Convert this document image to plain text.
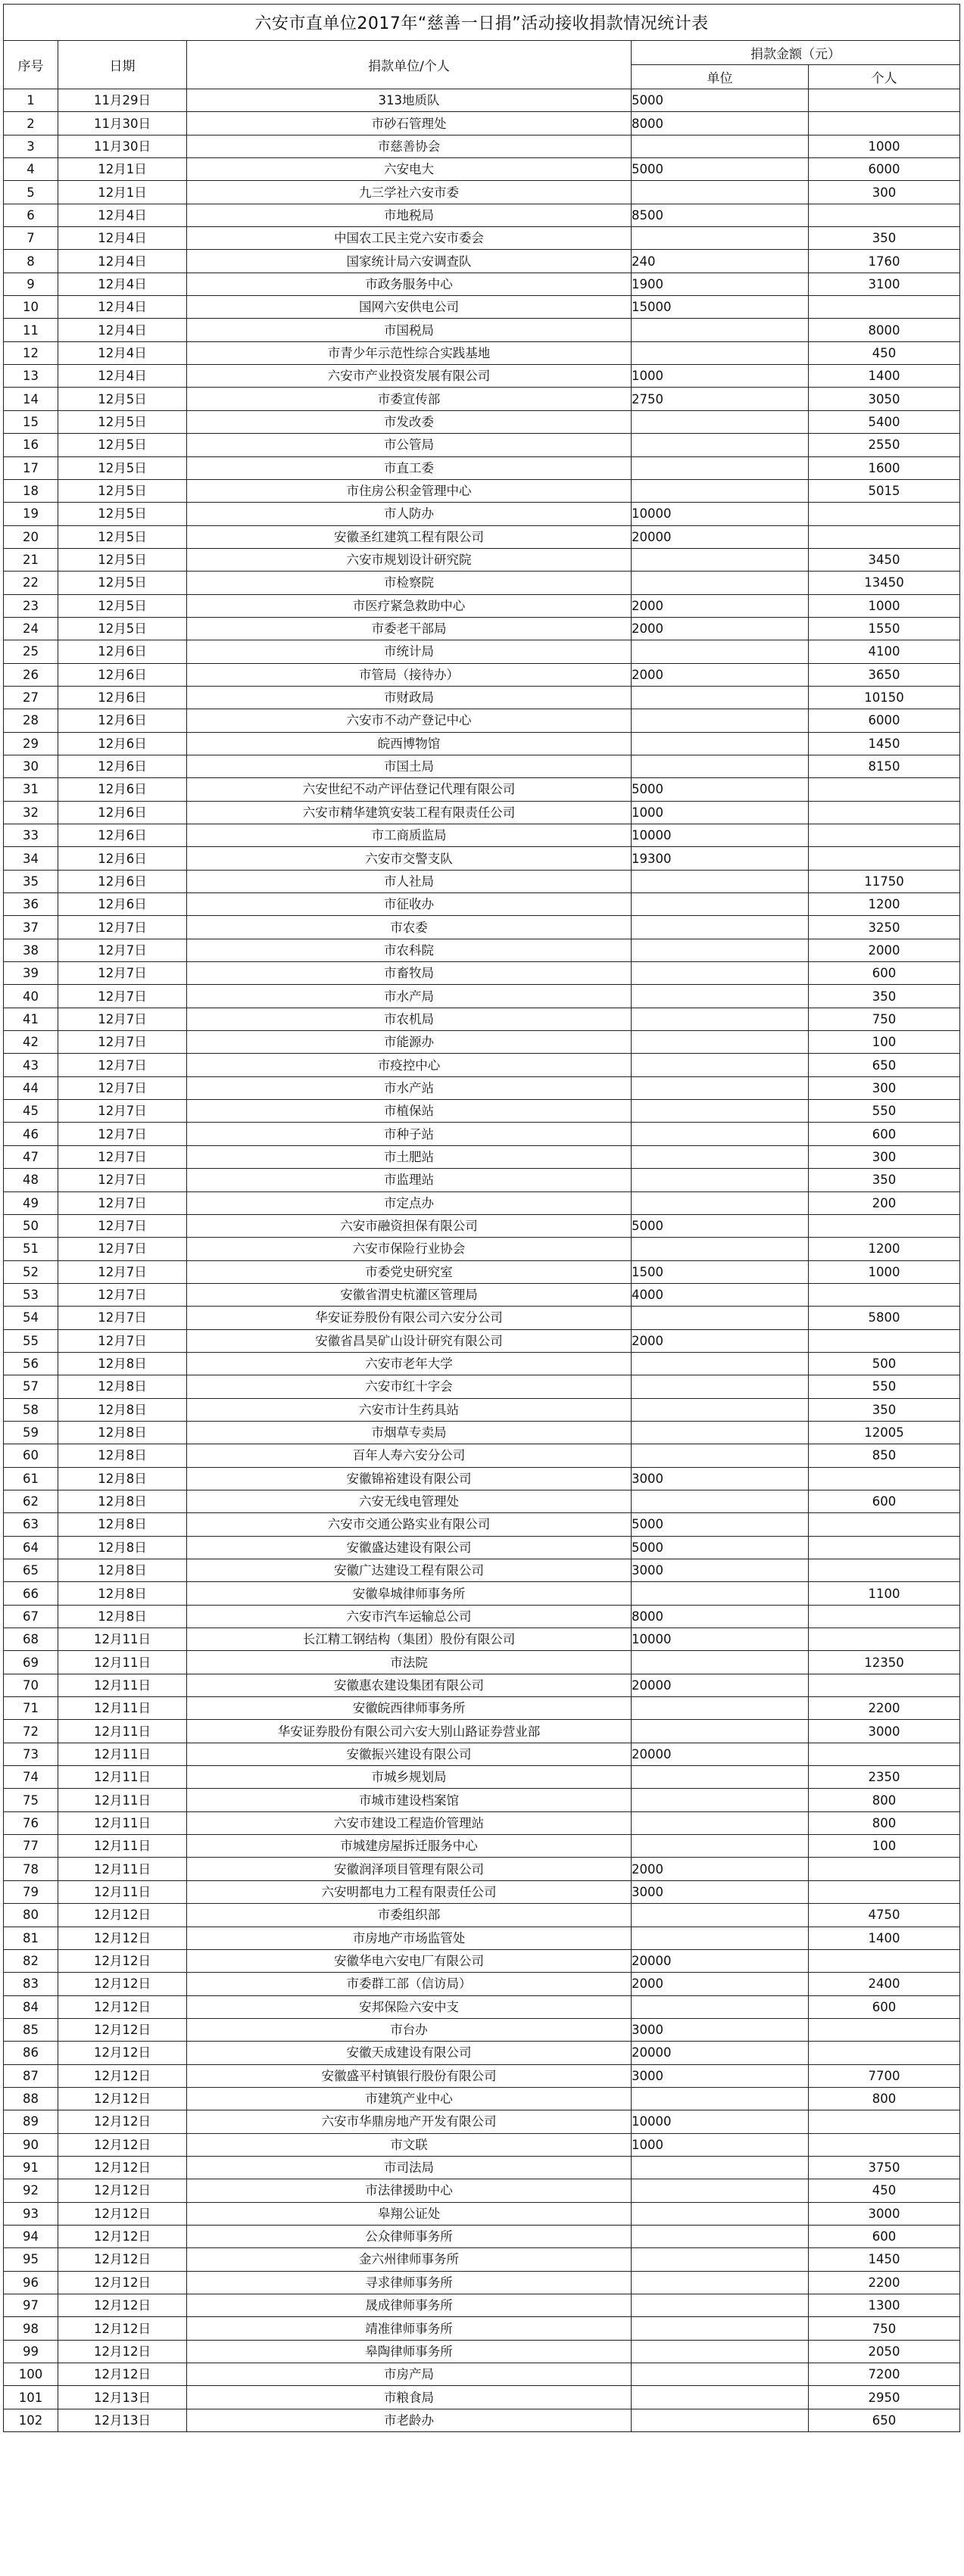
六安市直单位2017年“慈善一日捐”活动接收捐款情况统计表				
序号	日期	捐款单位/个人	捐款金额（元）	
			单位	个人
1	11月29日	313地质队	5000	
2	11月30日	市砂石管理处	8000	
3	11月30日	市慈善协会		1000
4	12月1日	六安电大	5000	6000
5	12月1日	九三学社六安市委		300
6	12月4日	市地税局	8500	
7	12月4日	中国农工民主党六安市委会		350
8	12月4日	国家统计局六安调查队	240	1760
9	12月4日	市政务服务中心	1900	3100
10	12月4日	国网六安供电公司	15000	
11	12月4日	市国税局		8000
12	12月4日	市青少年示范性综合实践基地		450
13	12月4日	六安市产业投资发展有限公司	1000	1400
14	12月5日	市委宣传部	2750	3050
15	12月5日	市发改委		5400
16	12月5日	市公管局		2550
17	12月5日	市直工委		1600
18	12月5日	市住房公积金管理中心		5015
19	12月5日	市人防办	10000	
20	12月5日	安徽圣红建筑工程有限公司	20000	
21	12月5日	六安市规划设计研究院		3450
22	12月5日	市检察院		13450
23	12月5日	市医疗紧急救助中心	2000	1000
24	12月5日	市委老干部局	2000	1550
25	12月6日	市统计局		4100
26	12月6日	市管局（接待办）	2000	3650
27	12月6日	市财政局		10150
28	12月6日	六安市不动产登记中心		6000
29	12月6日	皖西博物馆		1450
30	12月6日	市国土局		8150
31	12月6日	六安世纪不动产评估登记代理有限公司	5000	
32	12月6日	六安市精华建筑安装工程有限责任公司	1000	
33	12月6日	市工商质监局	10000	
34	12月6日	六安市交警支队	19300	
35	12月6日	市人社局		11750
36	12月6日	市征收办		1200
37	12月7日	市农委		3250
38	12月7日	市农科院		2000
39	12月7日	市畜牧局		600
40	12月7日	市水产局		350
41	12月7日	市农机局		750
42	12月7日	市能源办		100
43	12月7日	市疫控中心		650
44	12月7日	市水产站		300
45	12月7日	市植保站		550
46	12月7日	市种子站		600
47	12月7日	市土肥站		300
48	12月7日	市监理站		350
49	12月7日	市定点办		200
50	12月7日	六安市融资担保有限公司	5000	
51	12月7日	六安市保险行业协会		1200
52	12月7日	市委党史研究室	1500	1000
53	12月7日	安徽省渭史杭灌区管理局	4000	
54	12月7日	华安证券股份有限公司六安分公司		5800
55	12月7日	安徽省昌昊矿山设计研究有限公司	2000	
56	12月8日	六安市老年大学		500
57	12月8日	六安市红十字会		550
58	12月8日	六安市计生药具站		350
59	12月8日	市烟草专卖局		12005
60	12月8日	百年人寿六安分公司		850
61	12月8日	安徽锦裕建设有限公司	3000	
62	12月8日	六安无线电管理处		600
63	12月8日	六安市交通公路实业有限公司	5000	
64	12月8日	安徽盛达建设有限公司	5000	
65	12月8日	安徽广达建设工程有限公司	3000	
66	12月8日	安徽皋城律师事务所		1100
67	12月8日	六安市汽车运输总公司	8000	
68	12月11日	长江精工钢结构（集团）股份有限公司	10000	
69	12月11日	市法院		12350
70	12月11日	安徽惠农建设集团有限公司	20000	
71	12月11日	安徽皖西律师事务所		2200
72	12月11日	华安证券股份有限公司六安大别山路证券营业部		3000
73	12月11日	安徽振兴建设有限公司	20000	
74	12月11日	市城乡规划局		2350
75	12月11日	市城市建设档案馆		800
76	12月11日	六安市建设工程造价管理站		800
77	12月11日	市城建房屋拆迁服务中心		100
78	12月11日	安徽润泽项目管理有限公司	2000	
79	12月11日	六安明都电力工程有限责任公司	3000	
80	12月12日	市委组织部		4750
81	12月12日	市房地产市场监管处		1400
82	12月12日	安徽华电六安电厂有限公司	20000	
83	12月12日	市委群工部（信访局）	2000	2400
84	12月12日	安邦保险六安中支		600
85	12月12日	市台办	3000	
86	12月12日	安徽天成建设有限公司	20000	
87	12月12日	安徽盛平村镇银行股份有限公司	3000	7700
88	12月12日	市建筑产业中心		800
89	12月12日	六安市华鼎房地产开发有限公司	10000	
90	12月12日	市文联	1000	
91	12月12日	市司法局		3750
92	12月12日	市法律援助中心		450
93	12月12日	皋翔公证处		3000
94	12月12日	公众律师事务所		600
95	12月12日	金六州律师事务所		1450
96	12月12日	寻求律师事务所		2200
97	12月12日	晟成律师事务所		1300
98	12月12日	靖准律师事务所		750
99	12月12日	皋陶律师事务所		2050
100	12月12日	市房产局		7200
101	12月13日	市粮食局		2950
102	12月13日	市老龄办		650
